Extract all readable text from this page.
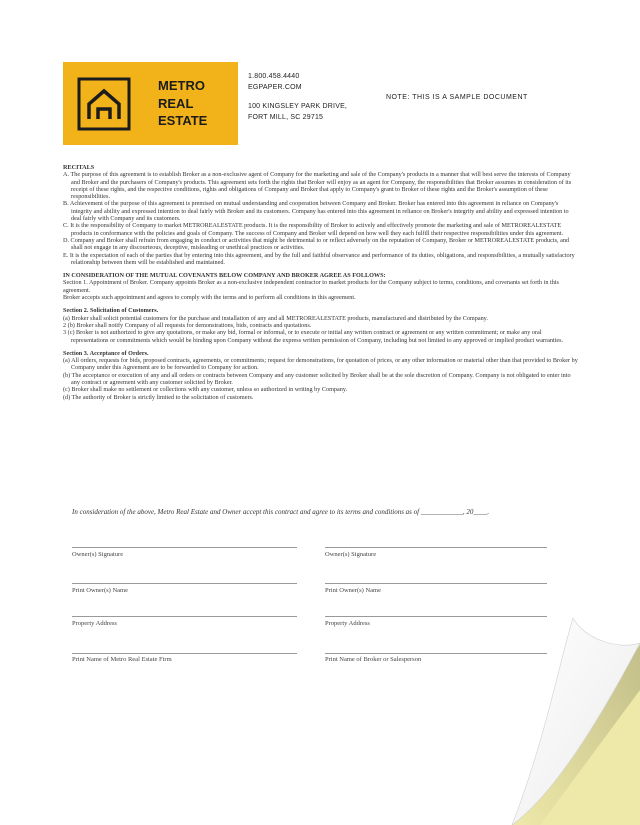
METRO
REAL
ESTATE
1.800.458.4440
EGPAPER.COM
100 KINGSLEY PARK DRIVE,
FORT MILL, SC 29715
NOTE: THIS IS A SAMPLE DOCUMENT

RECITALS

A. The purpose of this agreement is to establish Broker as a non-exclusive agent of Company for the marketing and sale of the Company's products in a manner that will best serve the interests of Company and Broker and the purchasers of Company's products. This agreement sets forth the rights that Broker will enjoy as an agent for Company, the responsibilities that Broker assumes in consideration of its receipt of these rights, and the respective conditions, rights and obligations of Company and Broker that apply to Company's grant to Broker of these rights and the Broker's assumption of these responsibilities.

B. Achievement of the purpose of this agreement is premised on mutual understanding and cooperation between Company and Broker. Broker has entered into this agreement in reliance on Company's integrity and ability and expressed intention to deal fairly with Broker and its customers. Company has entered into this agreement in reliance on Broker's integrity and ability and expressed intention to deal fairly with Company and its customers.

C. It is the responsibility of Company to market METROREALESTATE products. It is the responsibility of Broker to actively and effectively promote the marketing and sale of METROREALESTATE products in conformance with the policies and goals of Company. The success of Company and Broker will depend on how well they each fulfill their respective responsibilities under this agreement.

D. Company and Broker shall refrain from engaging in conduct or activities that might be detrimental to or reflect adversely on the reputation of Company, Broker or METROREALESTATE products, and shall not engage in any discourteous, deceptive, misleading or unethical practices or activities.

E. It is the expectation of each of the parties that by entering into this agreement, and by the full and faithful observance and performance of its duties, obligations, and responsibilities, a mutually satisfactory relationship between them will be established and maintained.

IN CONSIDERATION OF THE MUTUAL COVENANTS BELOW COMPANY AND BROKER AGREE AS FOLLOWS:

Section 1. Appointment of Broker. Company appoints Broker as a non-exclusive independent contractor to market products for the Company subject to terms, conditions, and covenants set forth in this agreement.

Broker accepts such appointment and agrees to comply with the terms and to perform all conditions in this agreement.

Section 2. Solicitation of Customers.

(a) Broker shall solicit potential customers for the purchase and installation of any and all METROREALESTATE products, manufactured and distributed by the Company.

2 (b) Broker shall notify Company of all requests for demonstrations, bids, contracts and quotations.

3 (c) Broker is not authorized to give any quotations, or make any bid, formal or informal, or to execute or initial any written contract or agreement or any written commitment; or make any oral representations or commitments which would be binding upon Company without the express written permission of Company, including but not limited to any approved or implied product warranties.

Section 3. Acceptance of Orders.

(a) All orders, requests for bids, proposed contracts, agreements, or commitments; request for demonstrations, for quotation of prices, or any other information or material other than that provided to Broker by Company under this Agreement are to be forwarded to Company for action.

(b) The acceptance or execution of any and all orders or contracts between Company and any customer solicited by Broker shall be at the sole discretion of Company. Company is not obligated to enter into any contract or agreement with any customer solicited by Broker.

(c) Broker shall make no settlement or collections with any customer, unless so authorized in writing by Company.

(d) The authority of Broker is strictly limited to the solicitation of customers.

In consideration of the above, Metro Real Estate and Owner accept this contract and agree to its terms and conditions as of ____________, 20____.
Owner(s) Signature	Owner(s) Signature
Print Owner(s) Name	Print Owner(s) Name
Property Address	Property Address
Print Name of Metro Real Estate Firm	Print Name of Broker or Salesperson
